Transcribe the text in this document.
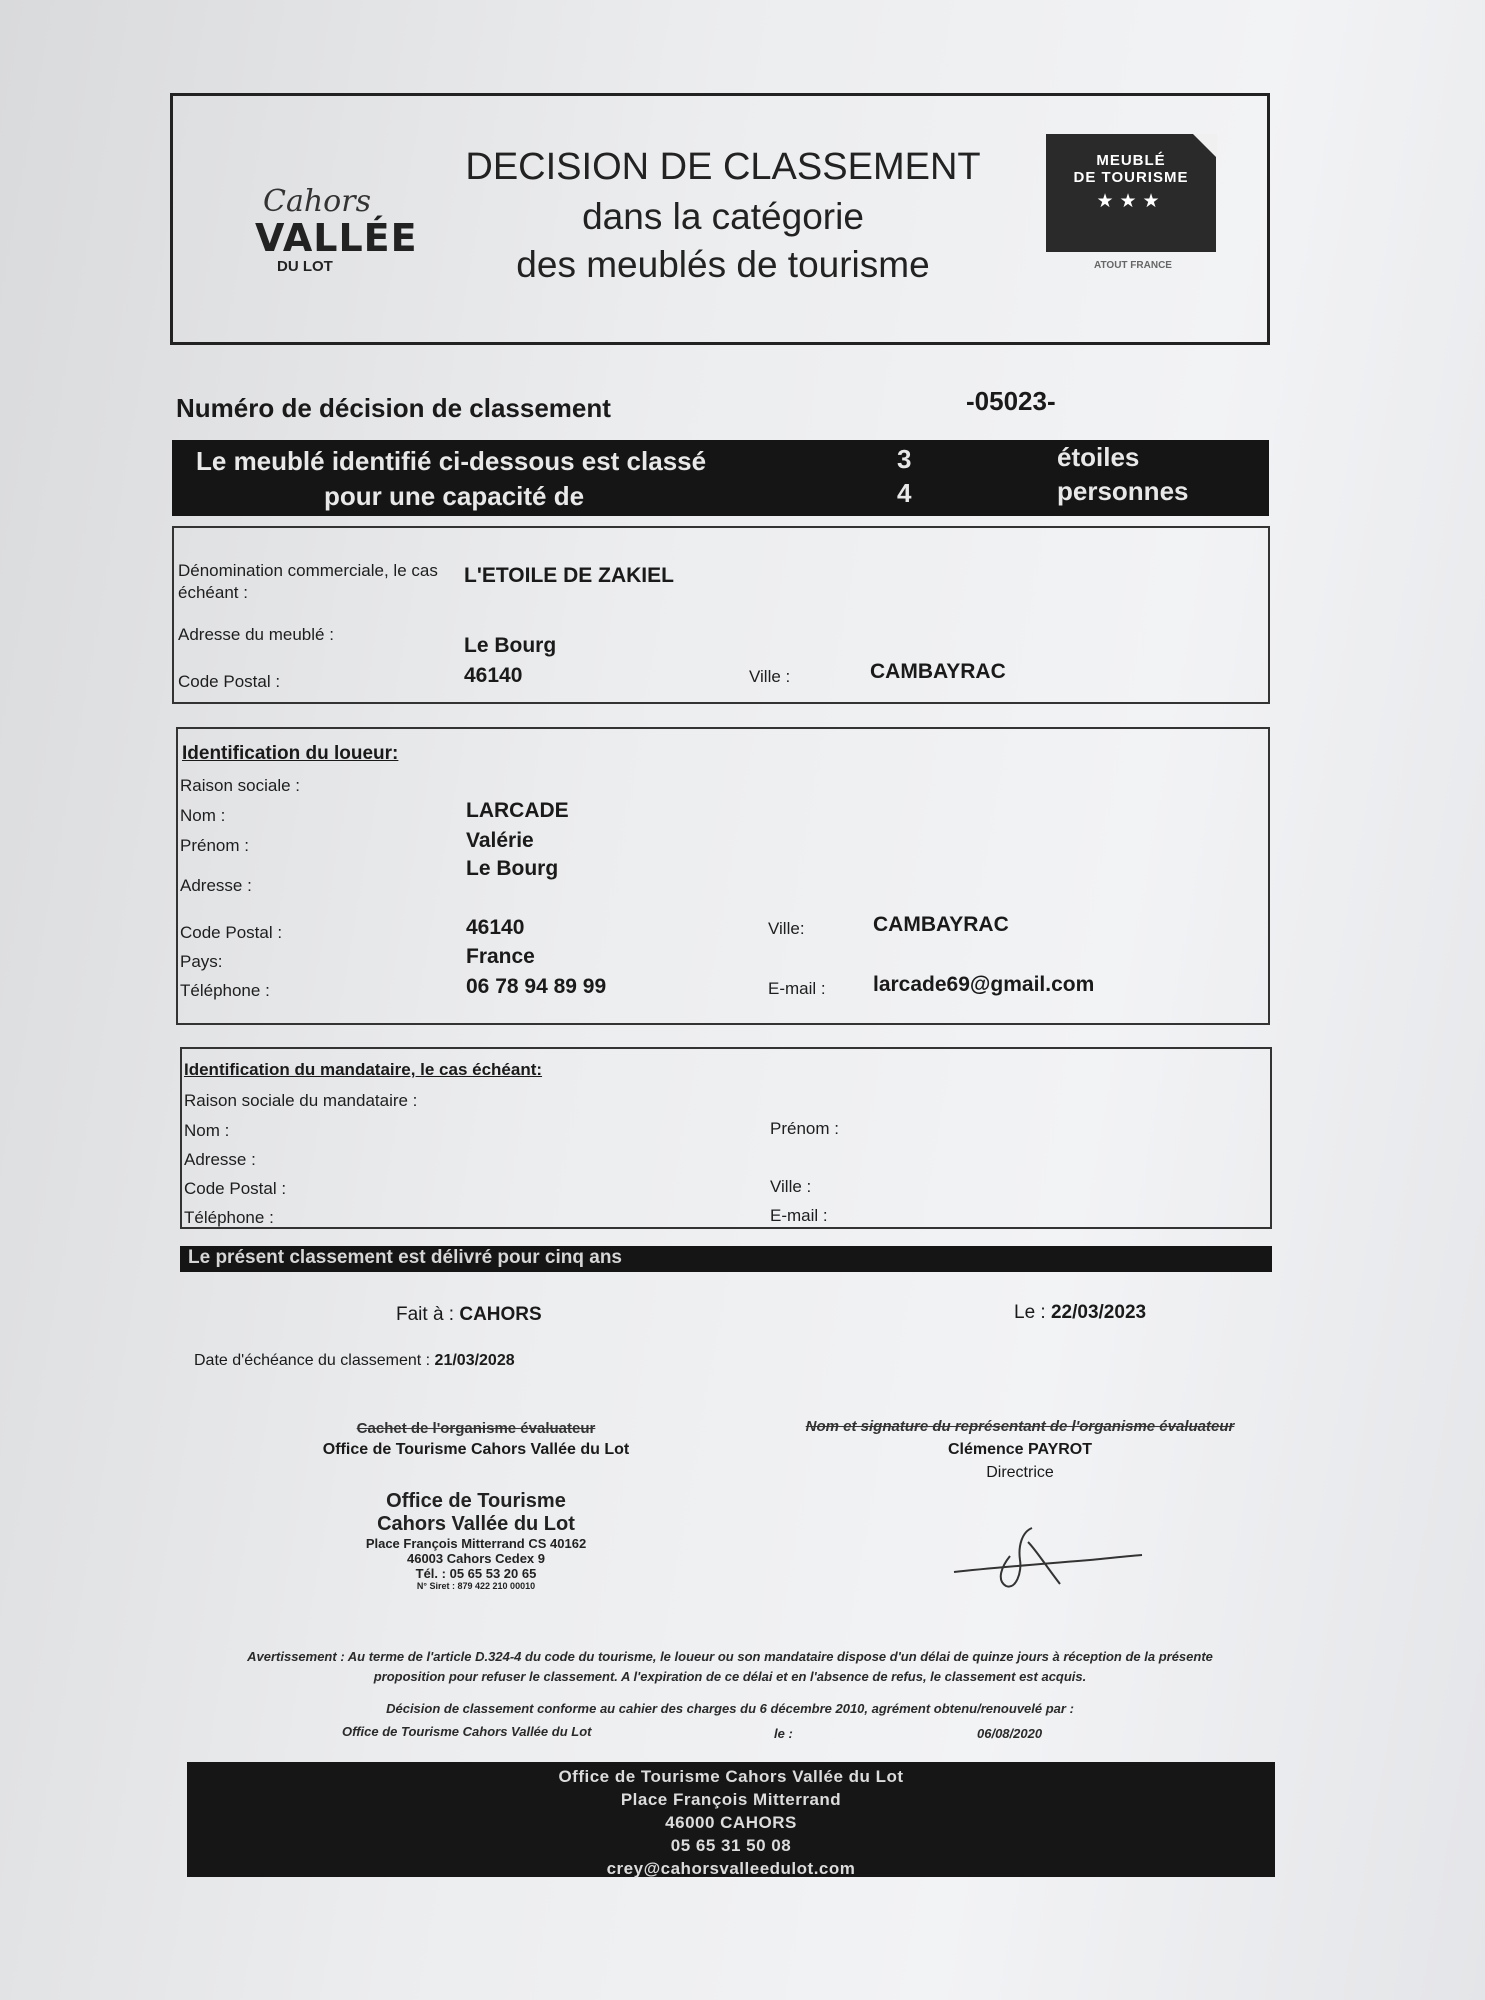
Cahors
VALLÉE
DU LOT
DECISION DE CLASSEMENT
dans la catégorie
des meublés de tourisme
MEUBLÉ
DE TOURISME
★★★
ATOUT FRANCE
Numéro de décision de classement	-05023-
Le meublé identifié ci-dessous est classé	3	étoiles
pour une capacité de	4	personnes
Dénomination commerciale, le cas échéant :
L'ETOILE DE ZAKIEL
Adresse du meublé :	Le Bourg
Code Postal :	46140	Ville :	CAMBAYRAC
Identification du loueur:
Raison sociale :
Nom :	LARCADE
Prénom :	Valérie
Adresse :
Le Bourg
Code Postal :	46140	Ville:	CAMBAYRAC
Pays:	France
Téléphone :	06 78 94 89 99	E-mail : larcade69@gmail.com
Identification du mandataire, le cas échéant:
Raison sociale du mandataire :
Nom :	Prénom :
Adresse :
Code Postal :	Ville :
Téléphone :	E-mail :
Le présent classement est délivré pour cinq ans
Fait à : CAHORS	Le : 22/03/2023
Date d'échéance du classement : 21/03/2028
Cachet de l'organisme évaluateur
Office de Tourisme Cahors Vallée du Lot
Office de Tourisme
Cahors Vallée du Lot
Place François Mitterrand CS 40162
46003 Cahors Cedex 9
Tél. : 05 65 53 20 65
N° Siret : 879 422 210 00010
Nom et signature du représentant de l'organisme évaluateur
Clémence PAYROT
Directrice
Avertissement : Au terme de l'article D.324-4 du code du tourisme, le loueur ou son mandataire dispose d'un délai de quinze jours à réception de la présente
proposition pour refuser le classement. A l'expiration de ce délai et en l'absence de refus, le classement est acquis.
Décision de classement conforme au cahier des charges du 6 décembre 2010, agrément obtenu/renouvelé par :
Office de Tourisme Cahors Vallée du Lot	le :	06/08/2020
Office de Tourisme Cahors Vallée du Lot
Place François Mitterrand
46000 CAHORS
05 65 31 50 08
crey@cahorsvalleedulot.com
